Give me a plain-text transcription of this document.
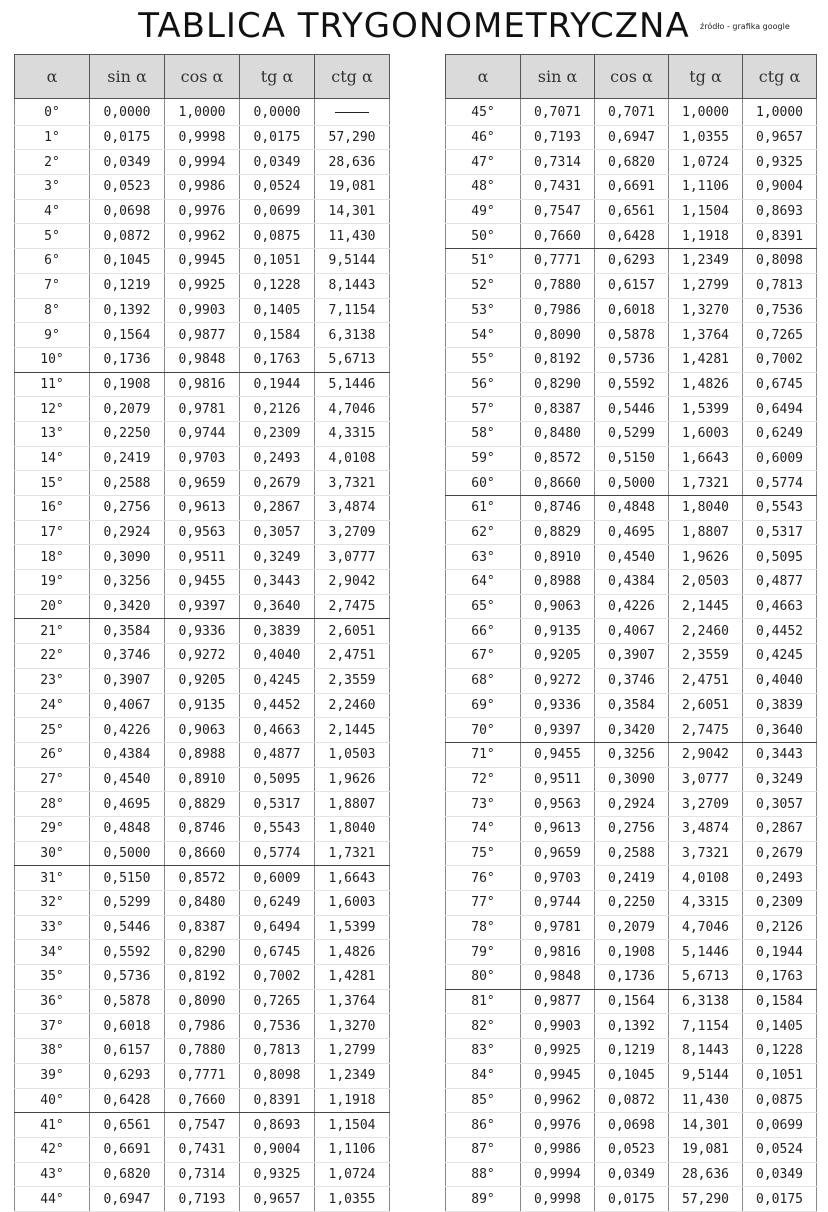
TABLICA TRYGONOMETRYCZNA	źródło - grafika google
α	sin α	cos α	tg α	ctg α
0°	0,0000	1,0000	0,0000	
1°	0,0175	0,9998	0,0175	57,290
2°	0,0349	0,9994	0,0349	28,636
3°	0,0523	0,9986	0,0524	19,081
4°	0,0698	0,9976	0,0699	14,301
5°	0,0872	0,9962	0,0875	11,430
6°	0,1045	0,9945	0,1051	9,5144
7°	0,1219	0,9925	0,1228	8,1443
8°	0,1392	0,9903	0,1405	7,1154
9°	0,1564	0,9877	0,1584	6,3138
10°	0,1736	0,9848	0,1763	5,6713
11°	0,1908	0,9816	0,1944	5,1446
12°	0,2079	0,9781	0,2126	4,7046
13°	0,2250	0,9744	0,2309	4,3315
14°	0,2419	0,9703	0,2493	4,0108
15°	0,2588	0,9659	0,2679	3,7321
16°	0,2756	0,9613	0,2867	3,4874
17°	0,2924	0,9563	0,3057	3,2709
18°	0,3090	0,9511	0,3249	3,0777
19°	0,3256	0,9455	0,3443	2,9042
20°	0,3420	0,9397	0,3640	2,7475
21°	0,3584	0,9336	0,3839	2,6051
22°	0,3746	0,9272	0,4040	2,4751
23°	0,3907	0,9205	0,4245	2,3559
24°	0,4067	0,9135	0,4452	2,2460
25°	0,4226	0,9063	0,4663	2,1445
26°	0,4384	0,8988	0,4877	1,0503
27°	0,4540	0,8910	0,5095	1,9626
28°	0,4695	0,8829	0,5317	1,8807
29°	0,4848	0,8746	0,5543	1,8040
30°	0,5000	0,8660	0,5774	1,7321
31°	0,5150	0,8572	0,6009	1,6643
32°	0,5299	0,8480	0,6249	1,6003
33°	0,5446	0,8387	0,6494	1,5399
34°	0,5592	0,8290	0,6745	1,4826
35°	0,5736	0,8192	0,7002	1,4281
36°	0,5878	0,8090	0,7265	1,3764
37°	0,6018	0,7986	0,7536	1,3270
38°	0,6157	0,7880	0,7813	1,2799
39°	0,6293	0,7771	0,8098	1,2349
40°	0,6428	0,7660	0,8391	1,1918
41°	0,6561	0,7547	0,8693	1,1504
42°	0,6691	0,7431	0,9004	1,1106
43°	0,6820	0,7314	0,9325	1,0724
44°	0,6947	0,7193	0,9657	1,0355
α	sin α	cos α	tg α	ctg α
45°	0,7071	0,7071	1,0000	1,0000
46°	0,7193	0,6947	1,0355	0,9657
47°	0,7314	0,6820	1,0724	0,9325
48°	0,7431	0,6691	1,1106	0,9004
49°	0,7547	0,6561	1,1504	0,8693
50°	0,7660	0,6428	1,1918	0,8391
51°	0,7771	0,6293	1,2349	0,8098
52°	0,7880	0,6157	1,2799	0,7813
53°	0,7986	0,6018	1,3270	0,7536
54°	0,8090	0,5878	1,3764	0,7265
55°	0,8192	0,5736	1,4281	0,7002
56°	0,8290	0,5592	1,4826	0,6745
57°	0,8387	0,5446	1,5399	0,6494
58°	0,8480	0,5299	1,6003	0,6249
59°	0,8572	0,5150	1,6643	0,6009
60°	0,8660	0,5000	1,7321	0,5774
61°	0,8746	0,4848	1,8040	0,5543
62°	0,8829	0,4695	1,8807	0,5317
63°	0,8910	0,4540	1,9626	0,5095
64°	0,8988	0,4384	2,0503	0,4877
65°	0,9063	0,4226	2,1445	0,4663
66°	0,9135	0,4067	2,2460	0,4452
67°	0,9205	0,3907	2,3559	0,4245
68°	0,9272	0,3746	2,4751	0,4040
69°	0,9336	0,3584	2,6051	0,3839
70°	0,9397	0,3420	2,7475	0,3640
71°	0,9455	0,3256	2,9042	0,3443
72°	0,9511	0,3090	3,0777	0,3249
73°	0,9563	0,2924	3,2709	0,3057
74°	0,9613	0,2756	3,4874	0,2867
75°	0,9659	0,2588	3,7321	0,2679
76°	0,9703	0,2419	4,0108	0,2493
77°	0,9744	0,2250	4,3315	0,2309
78°	0,9781	0,2079	4,7046	0,2126
79°	0,9816	0,1908	5,1446	0,1944
80°	0,9848	0,1736	5,6713	0,1763
81°	0,9877	0,1564	6,3138	0,1584
82°	0,9903	0,1392	7,1154	0,1405
83°	0,9925	0,1219	8,1443	0,1228
84°	0,9945	0,1045	9,5144	0,1051
85°	0,9962	0,0872	11,430	0,0875
86°	0,9976	0,0698	14,301	0,0699
87°	0,9986	0,0523	19,081	0,0524
88°	0,9994	0,0349	28,636	0,0349
89°	0,9998	0,0175	57,290	0,0175
